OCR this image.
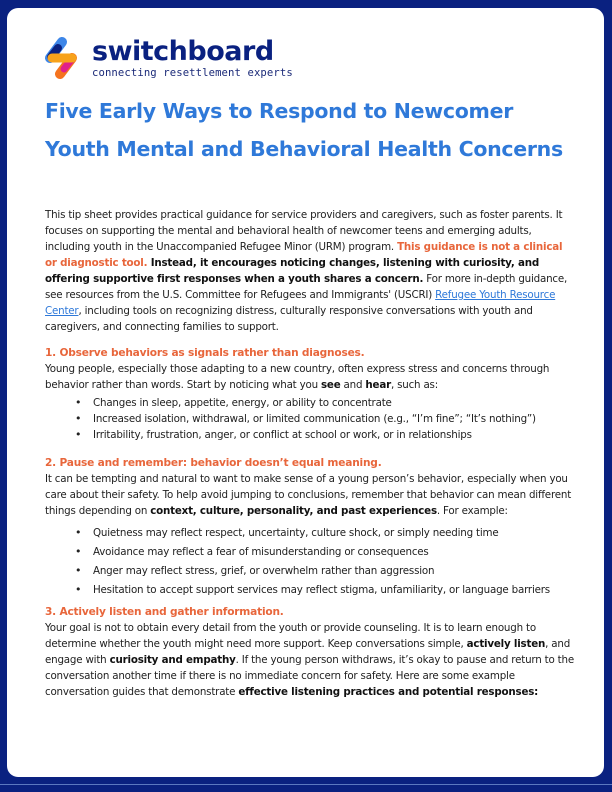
switchboard
connecting resettlement experts
Five Early Ways to Respond to Newcomer Youth Mental and Behavioral Health Concerns

This tip sheet provides practical guidance for service providers and caregivers, such as foster parents. It focuses on supporting the mental and behavioral health of newcomer teens and emerging adults, including youth in the Unaccompanied Refugee Minor (URM) program. This guidance is not a clinical or diagnostic tool. Instead, it encourages noticing changes, listening with curiosity, and offering supportive first responses when a youth shares a concern. For more in-depth guidance, see resources from the U.S. Committee for Refugees and Immigrants' (USCRI) Refugee Youth Resource Center, including tools on recognizing distress, culturally responsive conversations with youth and caregivers, and connecting families to support.

1. Observe behaviors as signals rather than diagnoses.

Young people, especially those adapting to a new country, often express stress and concerns through behavior rather than words. Start by noticing what you see and hear, such as:

• Changes in sleep, appetite, energy, or ability to concentrate
• Increased isolation, withdrawal, or limited communication (e.g., “I’m fine”; “It’s nothing”)
• Irritability, frustration, anger, or conflict at school or work, or in relationships

2. Pause and remember: behavior doesn’t equal meaning.

It can be tempting and natural to want to make sense of a young person’s behavior, especially when you care about their safety. To help avoid jumping to conclusions, remember that behavior can mean different things depending on context, culture, personality, and past experiences. For example:

• Quietness may reflect respect, uncertainty, culture shock, or simply needing time
• Avoidance may reflect a fear of misunderstanding or consequences
• Anger may reflect stress, grief, or overwhelm rather than aggression
• Hesitation to accept support services may reflect stigma, unfamiliarity, or language barriers

3. Actively listen and gather information.

Your goal is not to obtain every detail from the youth or provide counseling. It is to learn enough to determine whether the youth might need more support. Keep conversations simple, actively listen, and engage with curiosity and empathy. If the young person withdraws, it’s okay to pause and return to the conversation another time if there is no immediate concern for safety. Here are some example conversation guides that demonstrate effective listening practices and potential responses:
